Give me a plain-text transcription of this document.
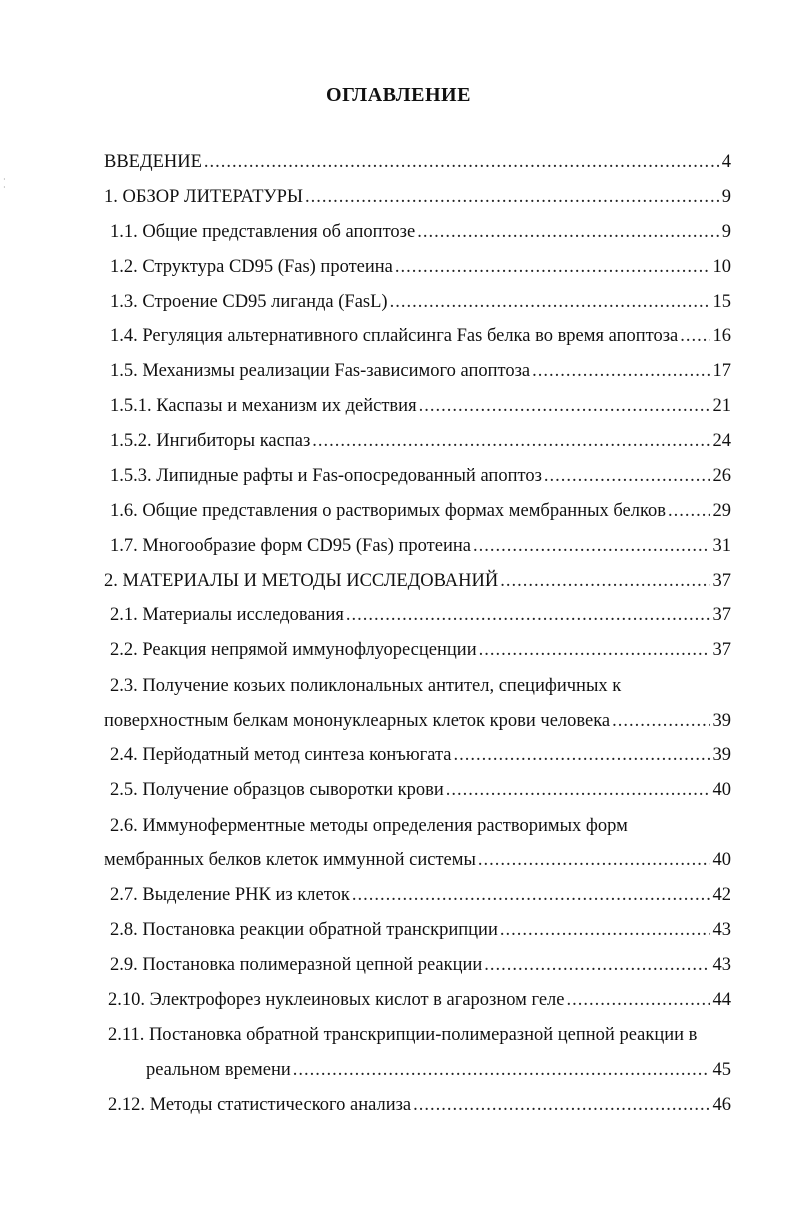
ОГЛАВЛЕНИЕ
·
·
ВВЕДЕНИЕ .....	4
1. ОБЗОР ЛИТЕРАТУРЫ .....	9
1.1. Общие представления об апоптозе .....	9
1.2. Структура CD95 (Fas) протеина .....	10
1.3. Строение CD95 лиганда (FasL) .....	15
1.4. Регуляция альтернативного сплайсинга Fas белка во время апоптоза ..... 16
1.5. Механизмы реализации Fas-зависимого апоптоза .....	17
1.5.1. Каспазы и механизм их действия .....	21
1.5.2. Ингибиторы каспаз .....	24
1.5.3. Липидные рафты и Fas-опосредованный апоптоз .....	26
1.6. Общие представления о растворимых формах мембранных белков .....	29
1.7. Многообразие форм CD95 (Fas) протеина .....	31
2. МАТЕРИАЛЫ И МЕТОДЫ ИССЛЕДОВАНИЙ .....	37
2.1. Материалы исследования .....	37
2.2. Реакция непрямой иммунофлуоресценции .....	37
2.3. Получение козьих поликлональных антител, специфичных к
поверхностным белкам мононуклеарных клеток крови человека .....	39
2.4. Перйодатный метод синтеза конъюгата .....	39
2.5. Получение образцов сыворотки крови .....	40
2.6. Иммуноферментные методы определения растворимых форм
мембранных белков клеток иммунной системы .....	40
2.7. Выделение РНК из клеток .....	42
2.8. Постановка реакции обратной транскрипции .....	43
2.9. Постановка полимеразной цепной реакции .....	43
2.10. Электрофорез нуклеиновых кислот в агарозном геле .....	44
2.11. Постановка обратной транскрипции-полимеразной цепной реакции в
реальном времени .....	45
2.12. Методы статистического анализа .....	46
